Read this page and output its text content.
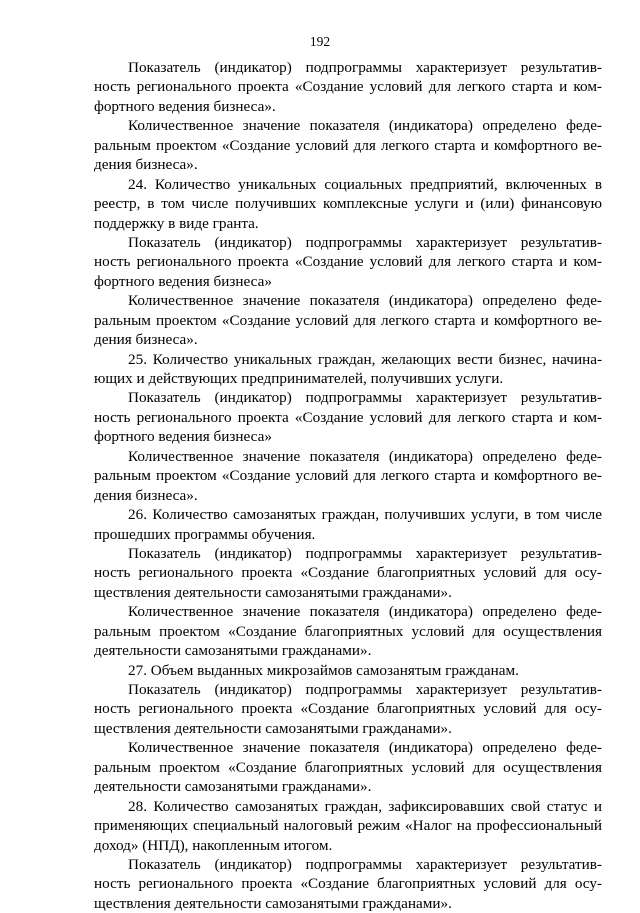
192
Показатель (индикатор) подпрограммы характеризует результатив-
ность регионального проекта «Создание условий для легкого старта и ком-
фортного ведения бизнеса».
Количественное значение показателя (индикатора) определено феде-
ральным проектом «Создание условий для легкого старта и комфортного ве-
дения бизнеса».
24. Количество уникальных социальных предприятий, включенных в
реестр, в том числе получивших комплексные услуги и (или) финансовую
поддержку в виде гранта.
Показатель (индикатор) подпрограммы характеризует результатив-
ность регионального проекта «Создание условий для легкого старта и ком-
фортного ведения бизнеса»
Количественное значение показателя (индикатора) определено феде-
ральным проектом «Создание условий для легкого старта и комфортного ве-
дения бизнеса».
25. Количество уникальных граждан, желающих вести бизнес, начина-
ющих и действующих предпринимателей, получивших услуги.
Показатель (индикатор) подпрограммы характеризует результатив-
ность регионального проекта «Создание условий для легкого старта и ком-
фортного ведения бизнеса»
Количественное значение показателя (индикатора) определено феде-
ральным проектом «Создание условий для легкого старта и комфортного ве-
дения бизнеса».
26. Количество самозанятых граждан, получивших услуги, в том числе
прошедших программы обучения.
Показатель (индикатор) подпрограммы характеризует результатив-
ность регионального проекта «Создание благоприятных условий для осу-
ществления деятельности самозанятыми гражданами».
Количественное значение показателя (индикатора) определено феде-
ральным проектом «Создание благоприятных условий для осуществления
деятельности самозанятыми гражданами».
27. Объем выданных микрозаймов самозанятым гражданам.
Показатель (индикатор) подпрограммы характеризует результатив-
ность регионального проекта «Создание благоприятных условий для осу-
ществления деятельности самозанятыми гражданами».
Количественное значение показателя (индикатора) определено феде-
ральным проектом «Создание благоприятных условий для осуществления
деятельности самозанятыми гражданами».
28. Количество самозанятых граждан, зафиксировавших свой статус и
применяющих специальный налоговый режим «Налог на профессиональный
доход» (НПД), накопленным итогом.
Показатель (индикатор) подпрограммы характеризует результатив-
ность регионального проекта «Создание благоприятных условий для осу-
ществления деятельности самозанятыми гражданами».
